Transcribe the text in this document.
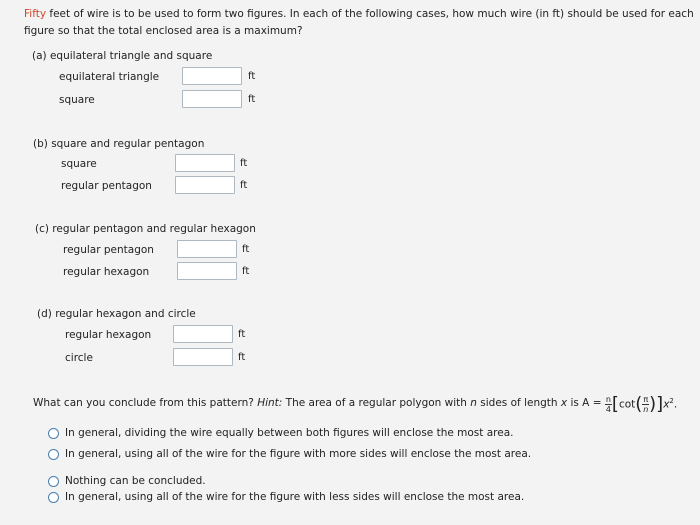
Fifty feet of wire is to be used to form two figures. In each of the following cases, how much wire (in ft) should be used for each figure so that the total enclosed area is a maximum?
(a) equilateral triangle and square
equilateral triangle	ft
square	ft
(b) square and regular pentagon
square	ft
regular pentagon	ft
(c) regular pentagon and regular hexagon
regular pentagon	ft
regular hexagon	ft
(d) regular hexagon and circle
regular hexagon	ft
circle	ft
What can you conclude from this pattern? Hint: The area of a regular polygon with n sides of length x is $A = \frac{n}{4} [\cot( \frac{\pi}{n})]x^2$.
In general, dividing the wire equally between both figures will enclose the most area.
In general, using all of the wire for the figure with more sides will enclose the most area.
Nothing can be concluded.
In general, using all of the wire for the figure with less sides will enclose the most area.
